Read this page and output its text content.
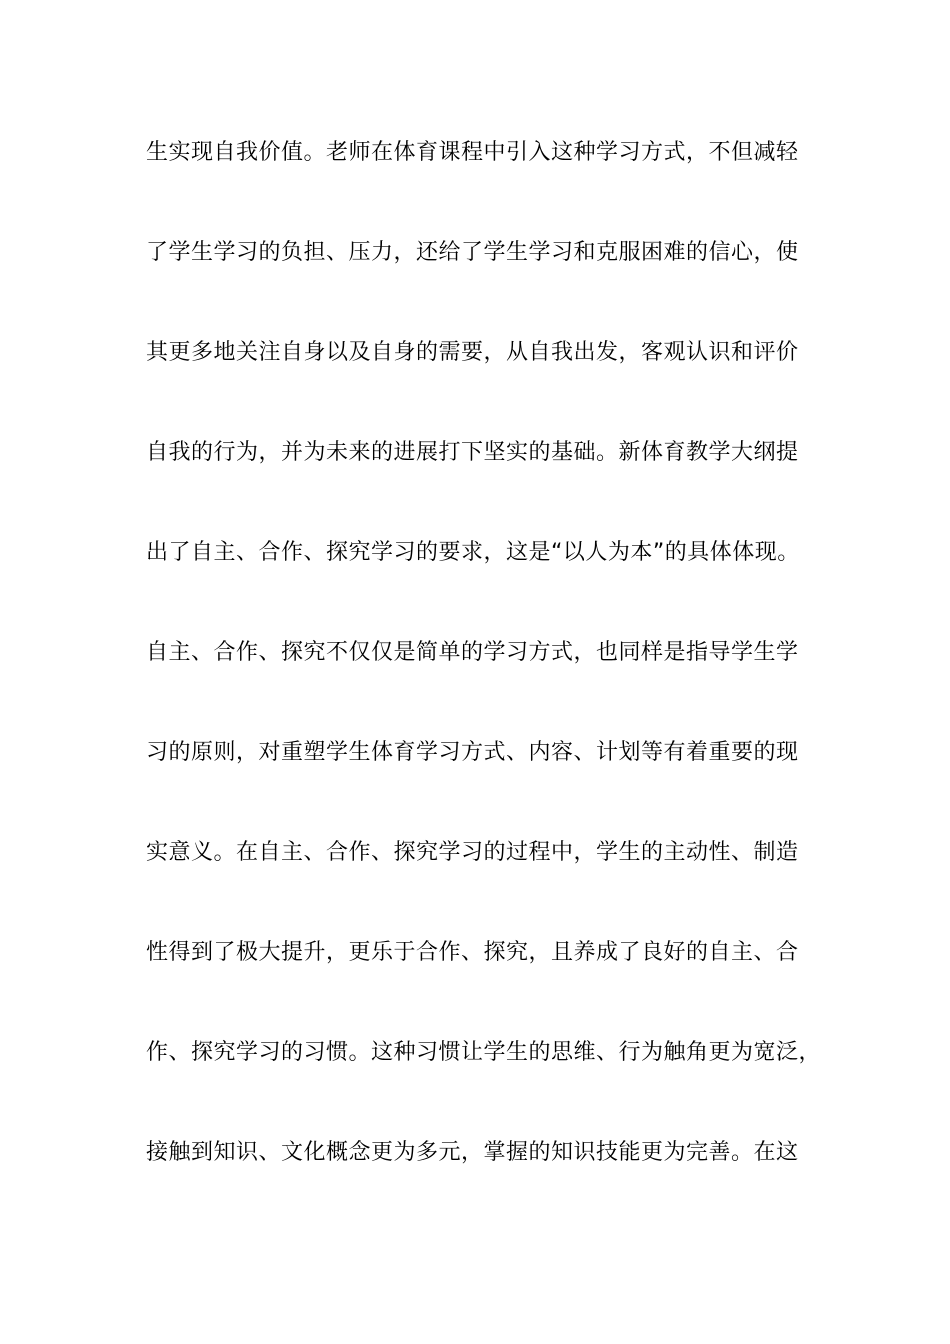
生实现自我价值。老师在体育课程中引入这种学习方式，不但减轻
了学生学习的负担、压力，还给了学生学习和克服困难的信心，使
其更多地关注自身以及自身的需要，从自我出发，客观认识和评价
自我的行为，并为未来的进展打下坚实的基础。新体育教学大纲提
出了自主、合作、探究学习的要求，这是“以人为本”的具体体现。
自主、合作、探究不仅仅是简单的学习方式，也同样是指导学生学
习的原则，对重塑学生体育学习方式、内容、计划等有着重要的现
实意义。在自主、合作、探究学习的过程中，学生的主动性、制造
性得到了极大提升，更乐于合作、探究，且养成了良好的自主、合
作、探究学习的习惯。这种习惯让学生的思维、行为触角更为宽泛，
接触到知识、文化概念更为多元，掌握的知识技能更为完善。在这
